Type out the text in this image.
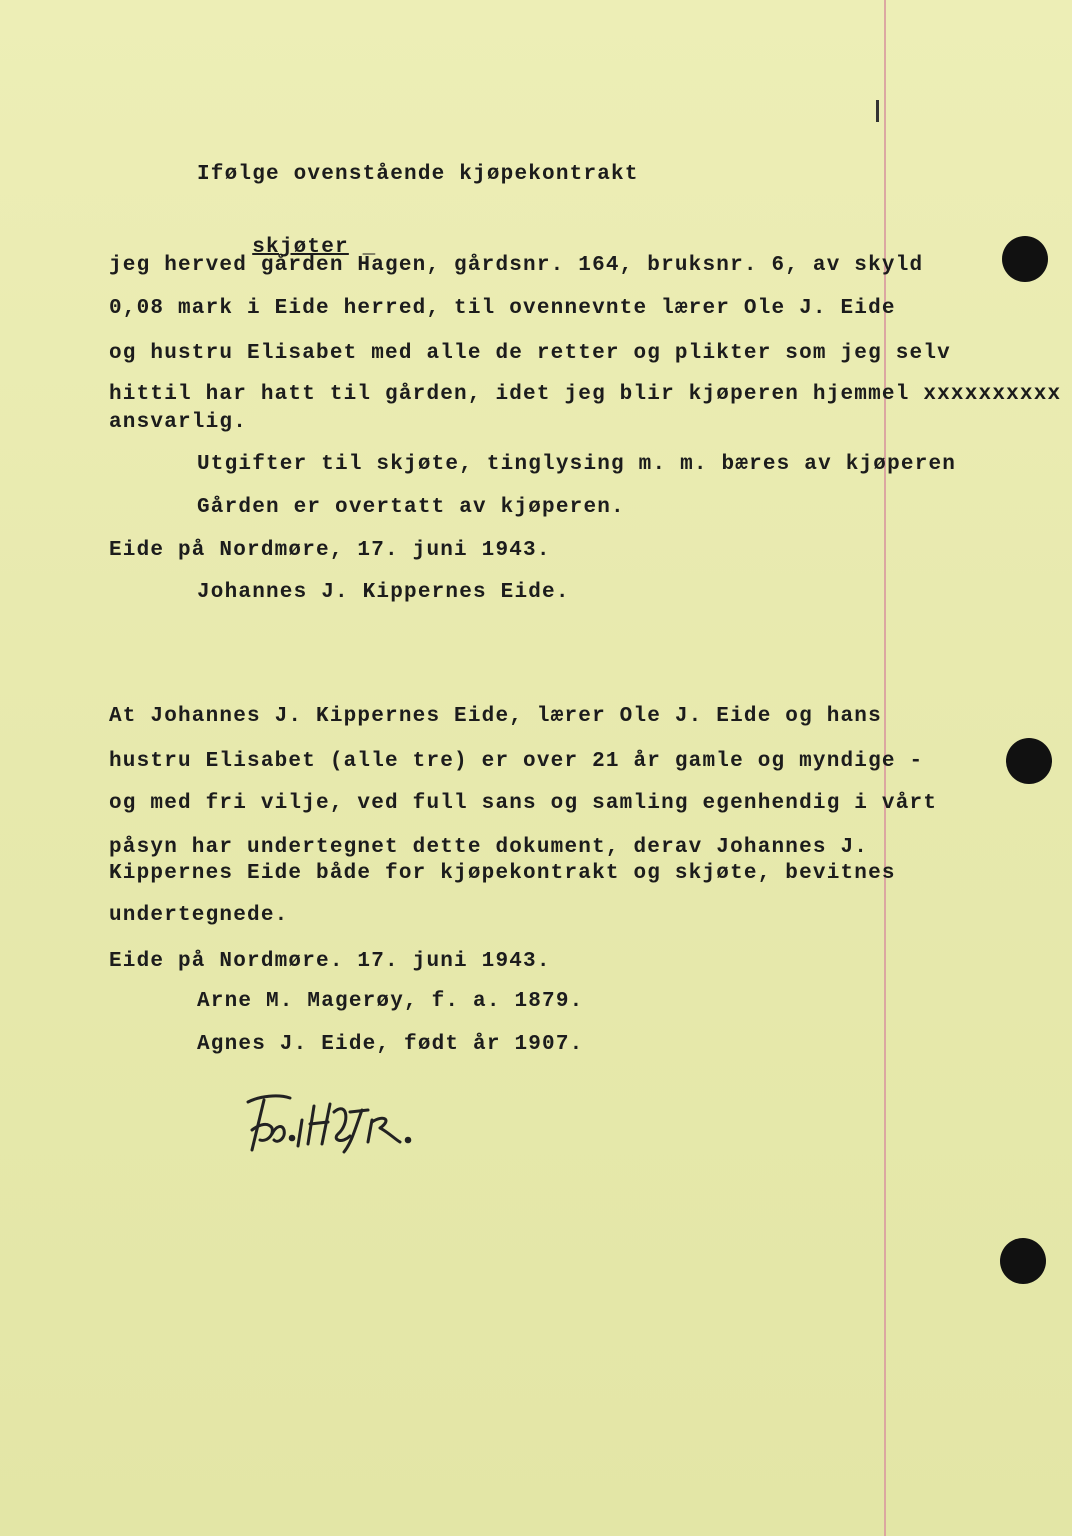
Ifølge ovenstående kjøpekontrakt

skjøter _

jeg herved gården Hagen, gårdsnr. 164, bruksnr. 6, av skyld
0,08 mark i Eide herred, til ovennevnte lærer Ole J. Eide
og hustru Elisabet med alle de retter og plikter som jeg selv
hittil har hatt til gården, idet jeg blir kjøperen hjemmel xxxxxxxxxx
ansvarlig.
Utgifter til skjøte, tinglysing m. m. bæres av kjøperen
Gården er overtatt av kjøperen.
Eide på Nordmøre, 17. juni 1943.
Johannes J. Kippernes Eide.
At Johannes J. Kippernes Eide, lærer Ole J. Eide og hans
hustru Elisabet (alle tre) er over 21 år gamle og myndige -
og med fri vilje, ved full sans og samling egenhendig i vårt
påsyn har undertegnet dette dokument, derav Johannes J.
Kippernes Eide både for kjøpekontrakt og skjøte, bevitnes
undertegnede.
Eide på Nordmøre. 17. juni 1943.
Arne M. Magerøy, f. a. 1879.
Agnes J. Eide, født år 1907.
